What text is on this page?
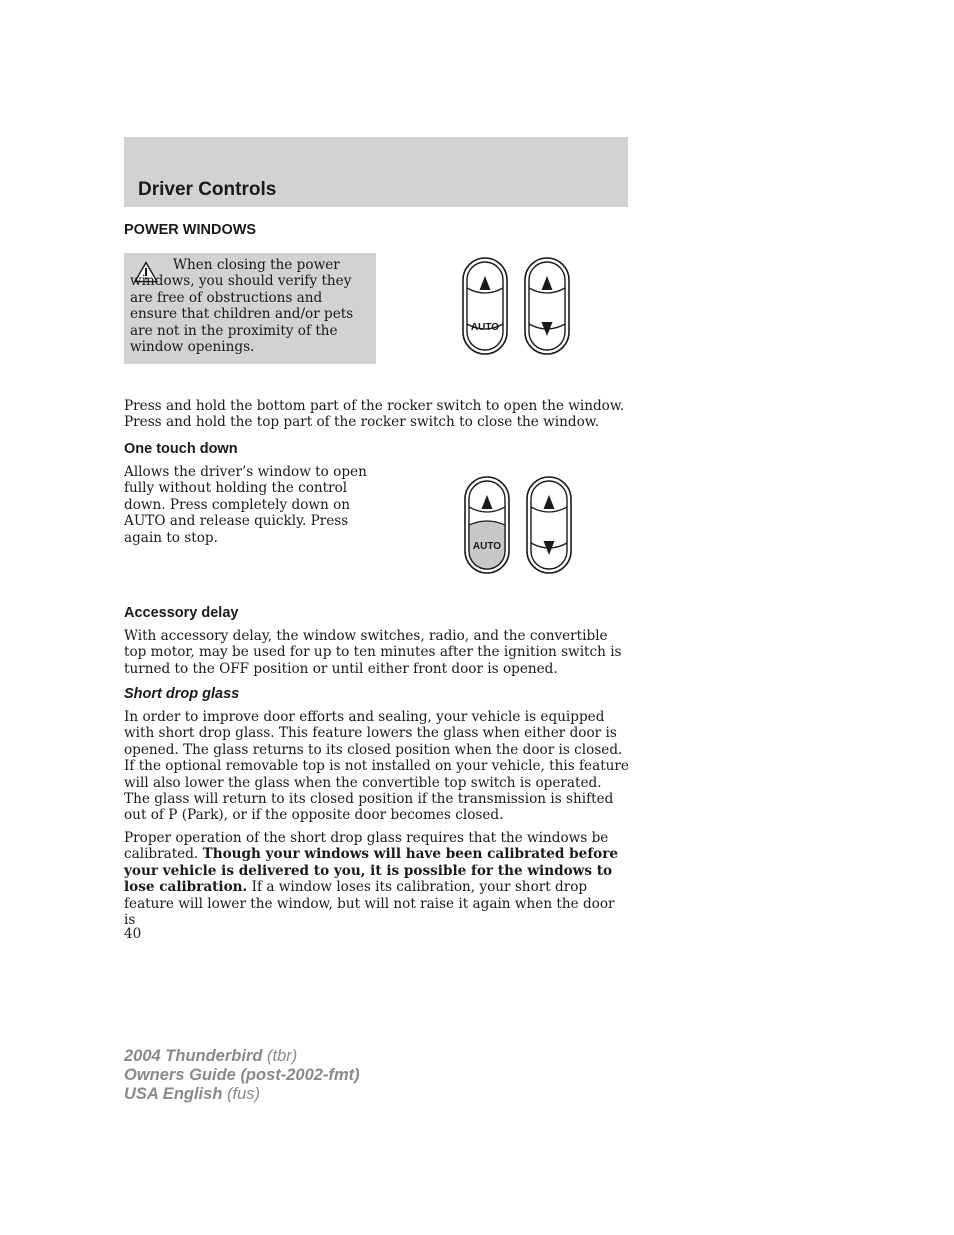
Driver Controls
POWER WINDOWS

When closing the power windows, you should verify they are free of obstructions and ensure that children and/or pets are not in the proximity of the window openings.

AUTO

Press and hold the bottom part of the rocker switch to open the window. Press and hold the top part of the rocker switch to close the window.

One touch down

Allows the driver’s window to open fully without holding the control down. Press completely down on AUTO and release quickly. Press again to stop.

AUTO
Accessory delay

With accessory delay, the window switches, radio, and the convertible top motor, may be used for up to ten minutes after the ignition switch is turned to the OFF position or until either front door is opened.

Short drop glass

In order to improve door efforts and sealing, your vehicle is equipped with short drop glass. This feature lowers the glass when either door is opened. The glass returns to its closed position when the door is closed. If the optional removable top is not installed on your vehicle, this feature will also lower the glass when the convertible top switch is operated. The glass will return to its closed position if the transmission is shifted out of P (Park), or if the opposite door becomes closed.

Proper operation of the short drop glass requires that the windows be calibrated. Though your windows will have been calibrated before your vehicle is delivered to you, it is possible for the windows to lose calibration. If a window loses its calibration, your short drop feature will lower the window, but will not raise it again when the door is

40

2004 Thunderbird (tbr)
Owners Guide (post-2002-fmt)
USA English (fus)
